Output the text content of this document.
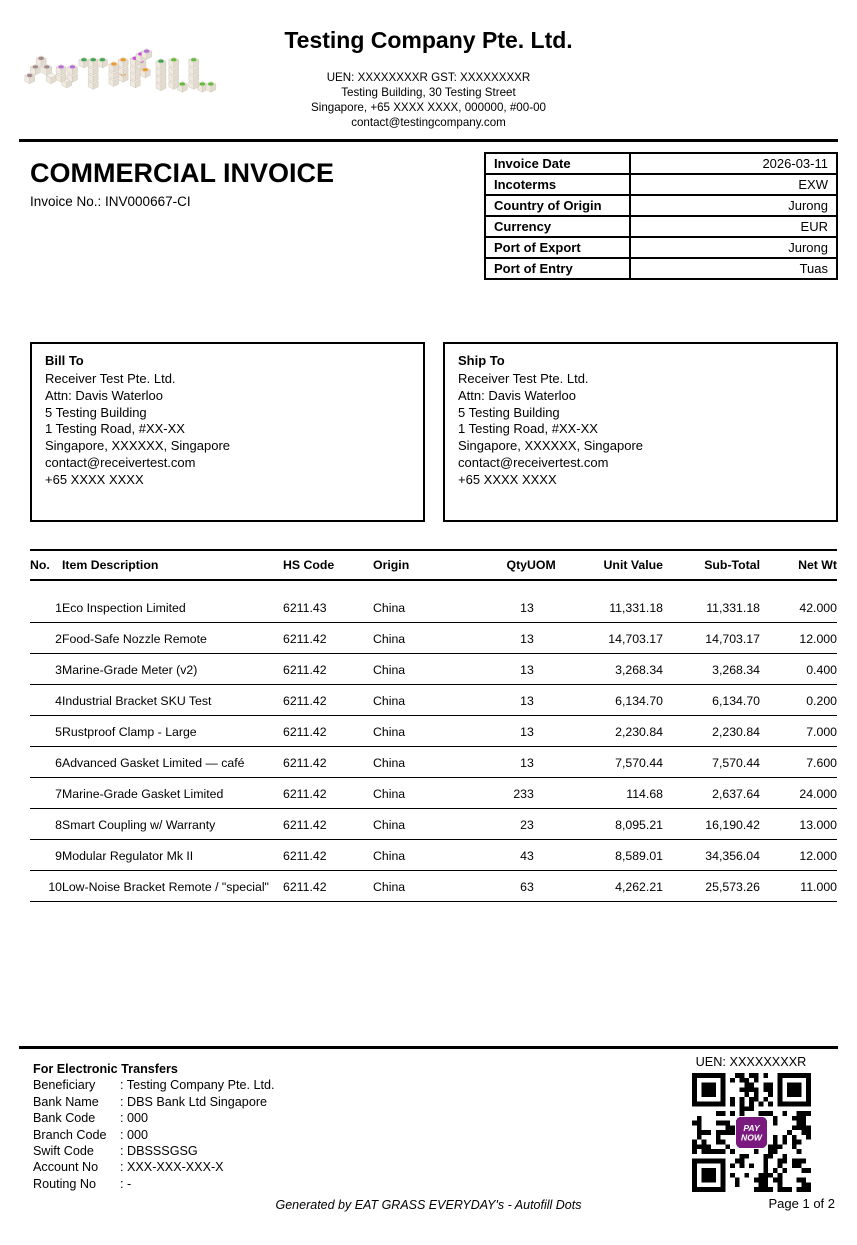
Testing Company Pte. Ltd.
UEN: XXXXXXXXR GST: XXXXXXXXR
Testing Building, 30 Testing Street
Singapore, +65 XXXX XXXX, 000000, #00-00
contact@testingcompany.com
COMMERCIAL INVOICE
Invoice No.: INV000667-CI
Invoice Date	2026-03-11
Incoterms	EXW
Country of Origin	Jurong
Currency	EUR
Port of Export	Jurong
Port of Entry	Tuas
Bill To
Receiver Test Pte. Ltd.
Attn: Davis Waterloo
5 Testing Building
1 Testing Road, #XX-XX
Singapore, XXXXXX, Singapore
contact@receivertest.com
+65 XXXX XXXX
Ship To
Receiver Test Pte. Ltd.
Attn: Davis Waterloo
5 Testing Building
1 Testing Road, #XX-XX
Singapore, XXXXXX, Singapore
contact@receivertest.com
+65 XXXX XXXX
No.	Item Description	HS Code	Origin	Qty	UOM	Unit Value	Sub-Total	Net Wt
1	Eco Inspection Limited	6211.43	China	1	3	11,331.18	11,331.18	42.000
2	Food-Safe Nozzle Remote	6211.42	China	1	3	14,703.17	14,703.17	12.000
3	Marine-Grade Meter (v2)	6211.42	China	1	3	3,268.34	3,268.34	0.400
4	Industrial Bracket SKU Test	6211.42	China	1	3	6,134.70	6,134.70	0.200
5	Rustproof Clamp - Large	6211.42	China	1	3	2,230.84	2,230.84	7.000
6	Advanced Gasket Limited — café	6211.42	China	1	3	7,570.44	7,570.44	7.600
7	Marine-Grade Gasket Limited	6211.42	China	23	3	114.68	2,637.64	24.000
8	Smart Coupling w/ Warranty	6211.42	China	2	3	8,095.21	16,190.42	13.000
9	Modular Regulator Mk II	6211.42	China	4	3	8,589.01	34,356.04	12.000
10	Low-Noise Bracket Remote / "special"	6211.42	China	6	3	4,262.21	25,573.26	11.000
For Electronic Transfers
Beneficiary : Testing Company Pte. Ltd.
Bank Name : DBS Bank Ltd Singapore
Bank Code : 000
Branch Code : 000
Swift Code : DBSSSGSG
Account No : XXX-XXX-XXX-X
Routing No : -
UEN: XXXXXXXXR
PAY
NOW
Page 1 of 2
Generated by EAT GRASS EVERYDAY's - Autofill Dots
